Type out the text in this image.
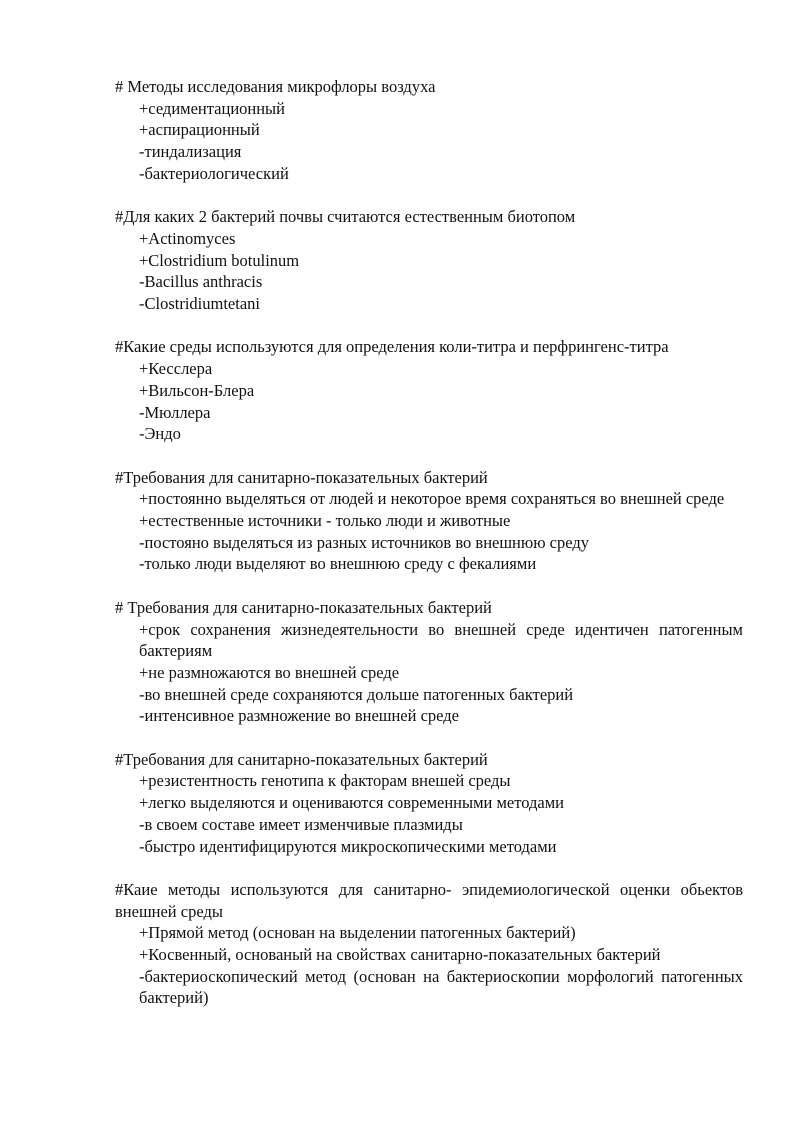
# Методы исследования микрофлоры воздуха

+седиментационный
+аспирационный
-тиндализация
-бактериологический

#Для каких 2 бактерий почвы считаются естественным биотопом

+Actinomyces
+Clostridium botulinum
-Bacillus anthracis
-Clostridiumtetani

#Какие среды используются для определения коли-титра и перфрингенс-титра

+Кесслера
+Вильсон-Блера
-Мюллера
-Эндо

#Требования для санитарно-показательных бактерий

+постоянно выделяться от людей и некоторое время сохраняться во внешней среде
+естественные источники - только люди и животные
-постояно выделяться из разных источников во внешнюю среду
-только люди выделяют во внешнюю среду с фекалиями

# Требования для санитарно-показательных бактерий

+срок сохранения жизнедеятельности во внешней среде идентичен патогенным бактериям
+не размножаются во внешней среде
-во внешней среде сохраняются дольше патогенных бактерий
-интенсивное размножение во внешней среде

#Требования для санитарно-показательных бактерий

+резистентность генотипа к факторам внешей среды
+легко выделяются и оцениваются современными методами
-в своем составе имеет изменчивые плазмиды
-быстро идентифицируются микроскопическими методами

#Каие методы используются для санитарно- эпидемиологической оценки обьектов внешней среды

+Прямой метод (основан на выделении патогенных бактерий)
+Косвенный, основаный на свойствах санитарно-показательных бактерий
-бактериоскопический метод (основан на бактериоскопии морфологий патогенных бактерий)
